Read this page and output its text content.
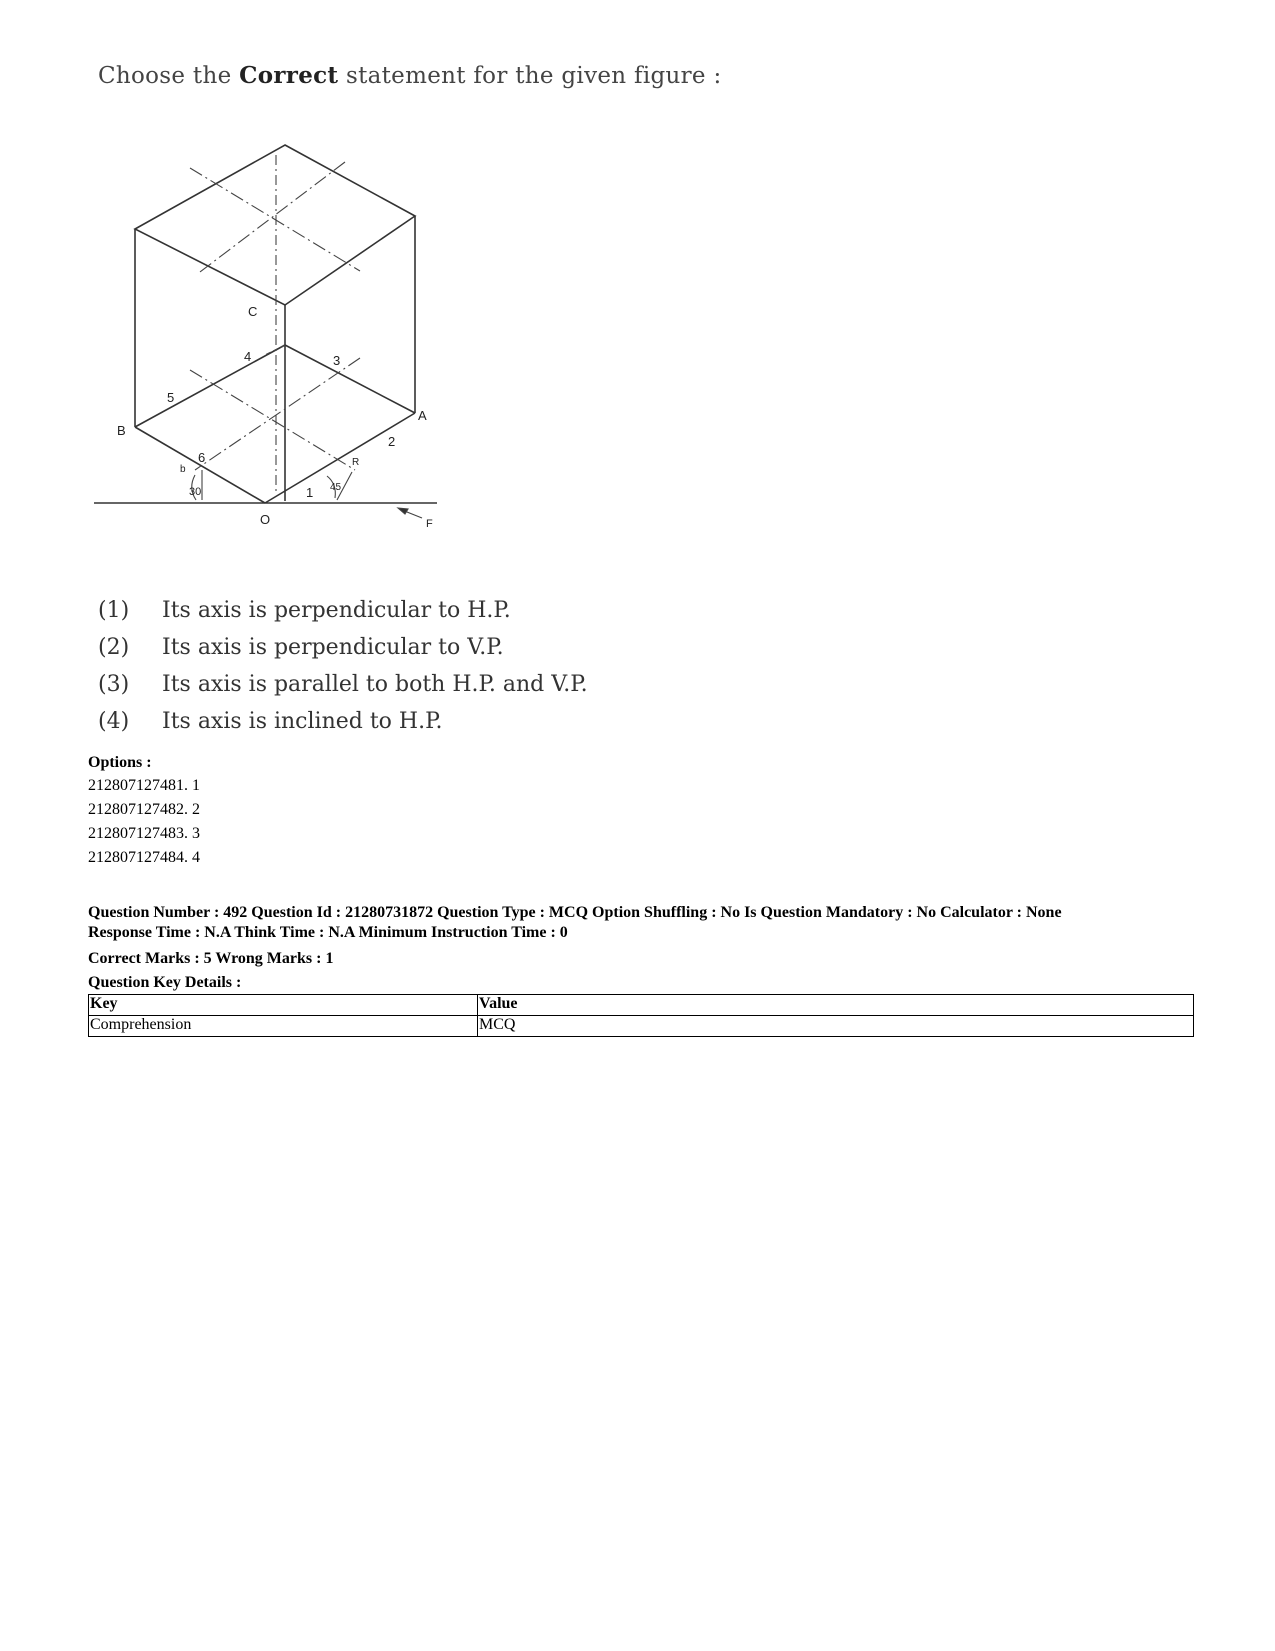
Choose the Correct statement for the given figure :
C
B
A
O	F
1
2
3
4
5
6
30	45
R
b
(1) Its axis is perpendicular to H.P.
(2) Its axis is perpendicular to V.P.
(3) Its axis is parallel to both H.P. and V.P.
(4) Its axis is inclined to H.P.
Options :
212807127481. 1
212807127482. 2
212807127483. 3
212807127484. 4
Question Number : 492 Question Id : 21280731872 Question Type : MCQ Option Shuffling : No Is Question Mandatory : No Calculator : None
Response Time : N.A Think Time : N.A Minimum Instruction Time : 0
Correct Marks : 5 Wrong Marks : 1
Question Key Details :
Key	Value
Comprehension	MCQ
